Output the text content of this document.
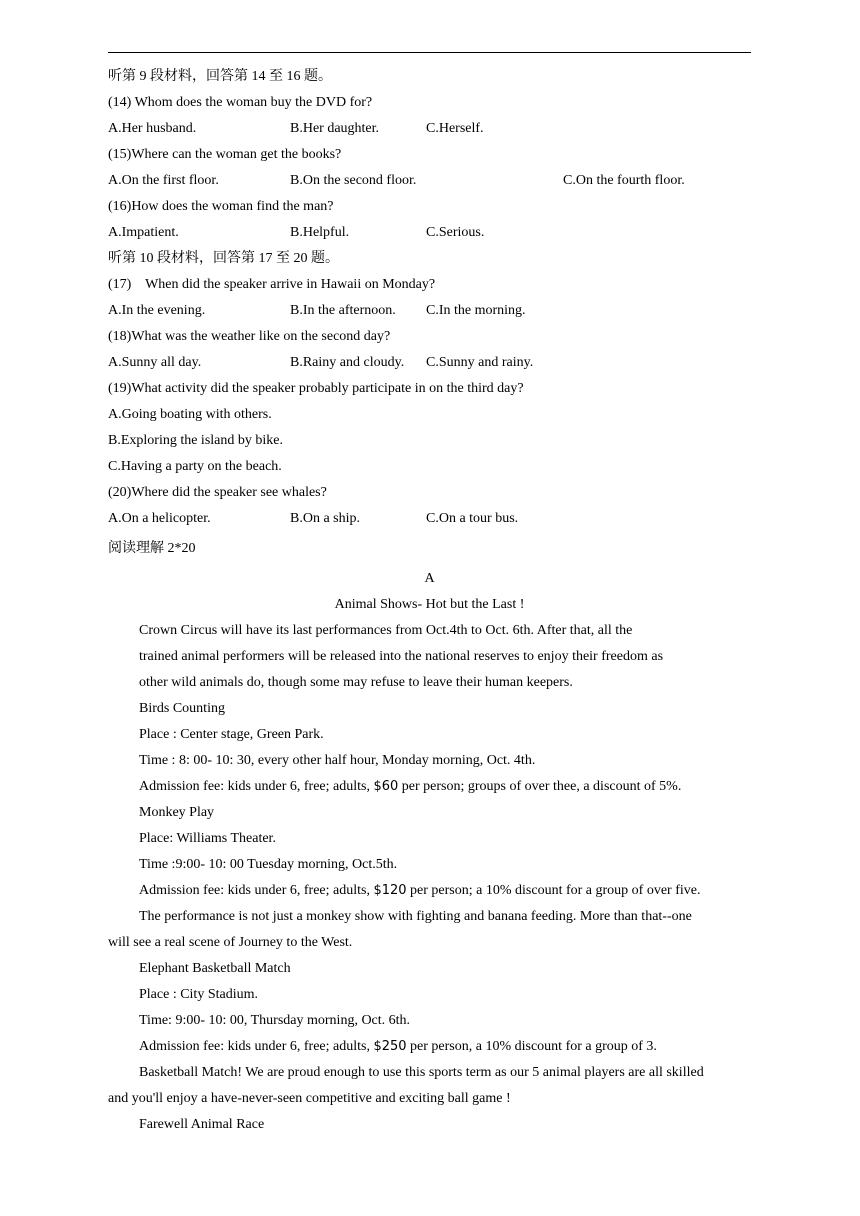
听第 9 段材料，回答第 14 至 16 题。
(14) Whom does the woman buy the DVD for?
A.Her husband.	B.Her daughter.	C.Herself.
(15)Where can the woman get the books?
A.On the first floor.	B.On the second floor.	C.On the fourth floor.
(16)How does the woman find the man?
A.Impatient.	B.Helpful.	C.Serious.
听第 10 段材料，回答第 17 至 20 题。
(17)    When did the speaker arrive in Hawaii on Monday?
A.In the evening.	B.In the afternoon. C.In the morning.
(18)What was the weather like on the second day?
A.Sunny all day.	B.Rainy and cloudy. C.Sunny and rainy.
(19)What activity did the speaker probably participate in on the third day?
A.Going boating with others.
B.Exploring the island by bike.
C.Having a party on the beach.
(20)Where did the speaker see whales?
A.On a helicopter.	B.On a ship.	C.On a tour bus.
阅读理解 2*20
A
Animal Shows- Hot but the Last !
Crown Circus will have its last performances from Oct.4th to Oct. 6th. After that, all the
trained animal performers will be released into the national reserves to enjoy their freedom as
other wild animals do, though some may refuse to leave their human keepers.
Birds Counting
Place : Center stage, Green Park.
Time : 8: 00- 10: 30, every other half hour, Monday morning, Oct. 4th.
Admission fee: kids under 6, free; adults, $60 per person; groups of over thee, a discount of 5%.
Monkey Play
Place: Williams Theater.
Time :9:00- 10: 00 Tuesday morning, Oct.5th.
Admission fee: kids under 6, free; adults, $120 per person; a 10% discount for a group of over five.
The performance is not just a monkey show with fighting and banana feeding. More than that--one
will see a real scene of Journey to the West.
Elephant Basketball Match
Place : City Stadium.
Time: 9:00- 10: 00, Thursday morning, Oct. 6th.
Admission fee: kids under 6, free; adults, $250 per person, a 10% discount for a group of 3.
Basketball Match! We are proud enough to use this sports term as our 5 animal players are all skilled
and you'll enjoy a have-never-seen competitive and exciting ball game !
Farewell Animal Race
